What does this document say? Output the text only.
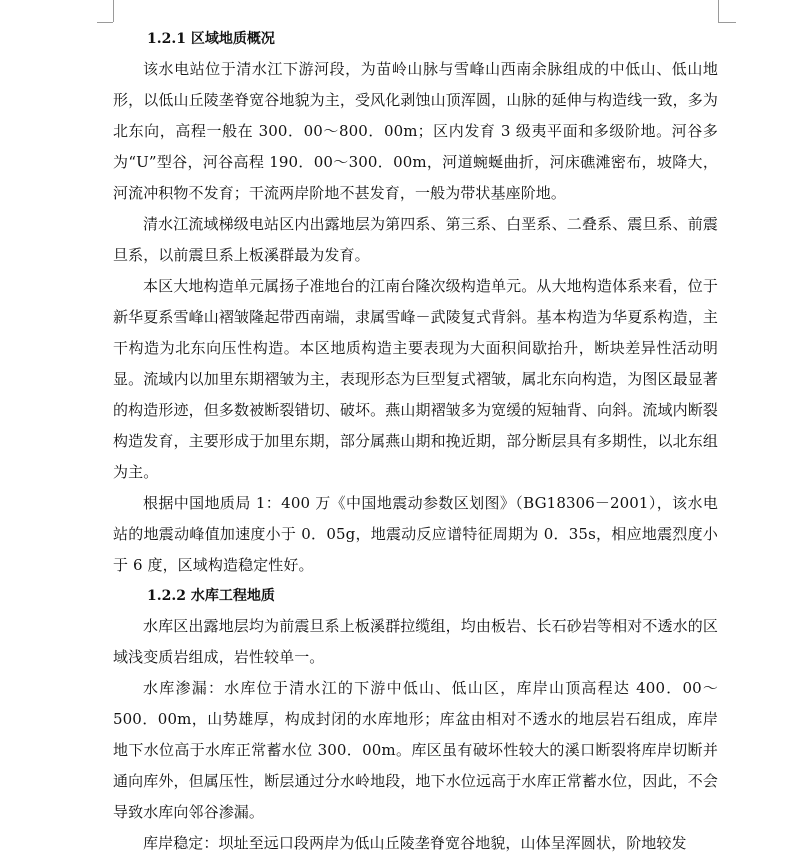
1.2.1 区域地质概况

该水电站位于清水江下游河段，为苗岭山脉与雪峰山西南余脉组成的中低山、低山地形，以低山丘陵垄脊宽谷地貌为主，受风化剥蚀山顶浑圆，山脉的延伸与构造线一致，多为北东向，高程一般在 300．00～800．00m；区内发育 3 级夷平面和多级阶地。河谷多为“U”型谷，河谷高程 190．00～300．00m，河道蜿蜒曲折，河床礁滩密布，坡降大，河流冲积物不发育；干流两岸阶地不甚发育，一般为带状基座阶地。

清水江流域梯级电站区内出露地层为第四系、第三系、白垩系、二叠系、震旦系、前震旦系，以前震旦系上板溪群最为发育。

本区大地构造单元属扬子准地台的江南台隆次级构造单元。从大地构造体系来看，位于新华夏系雪峰山褶皱隆起带西南端，隶属雪峰－武陵复式背斜。基本构造为华夏系构造，主干构造为北东向压性构造。本区地质构造主要表现为大面积间歇抬升，断块差异性活动明显。流域内以加里东期褶皱为主，表现形态为巨型复式褶皱，属北东向构造，为图区最显著的构造形迹，但多数被断裂错切、破坏。燕山期褶皱多为宽缓的短轴背、向斜。流域内断裂构造发育，主要形成于加里东期，部分属燕山期和挽近期，部分断层具有多期性，以北东组为主。

根据中国地质局 1：400 万《中国地震动参数区划图》（BG18306－2001），该水电站的地震动峰值加速度小于 0．05g，地震动反应谱特征周期为 0．35s，相应地震烈度小于 6 度，区域构造稳定性好。

1.2.2 水库工程地质

水库区出露地层均为前震旦系上板溪群拉缆组，均由板岩、长石砂岩等相对不透水的区域浅变质岩组成，岩性较单一。

水库渗漏：水库位于清水江的下游中低山、低山区，库岸山顶高程达 400．00～500．00m，山势雄厚，构成封闭的水库地形；库盆由相对不透水的地层岩石组成，库岸地下水位高于水库正常蓄水位 300．00m。库区虽有破坏性较大的溪口断裂将库岸切断并通向库外，但属压性，断层通过分水岭地段，地下水位远高于水库正常蓄水位，因此，不会导致水库向邻谷渗漏。

库岸稳定：坝址至远口段两岸为低山丘陵垄脊宽谷地貌，山体呈浑圆状，阶地较发
